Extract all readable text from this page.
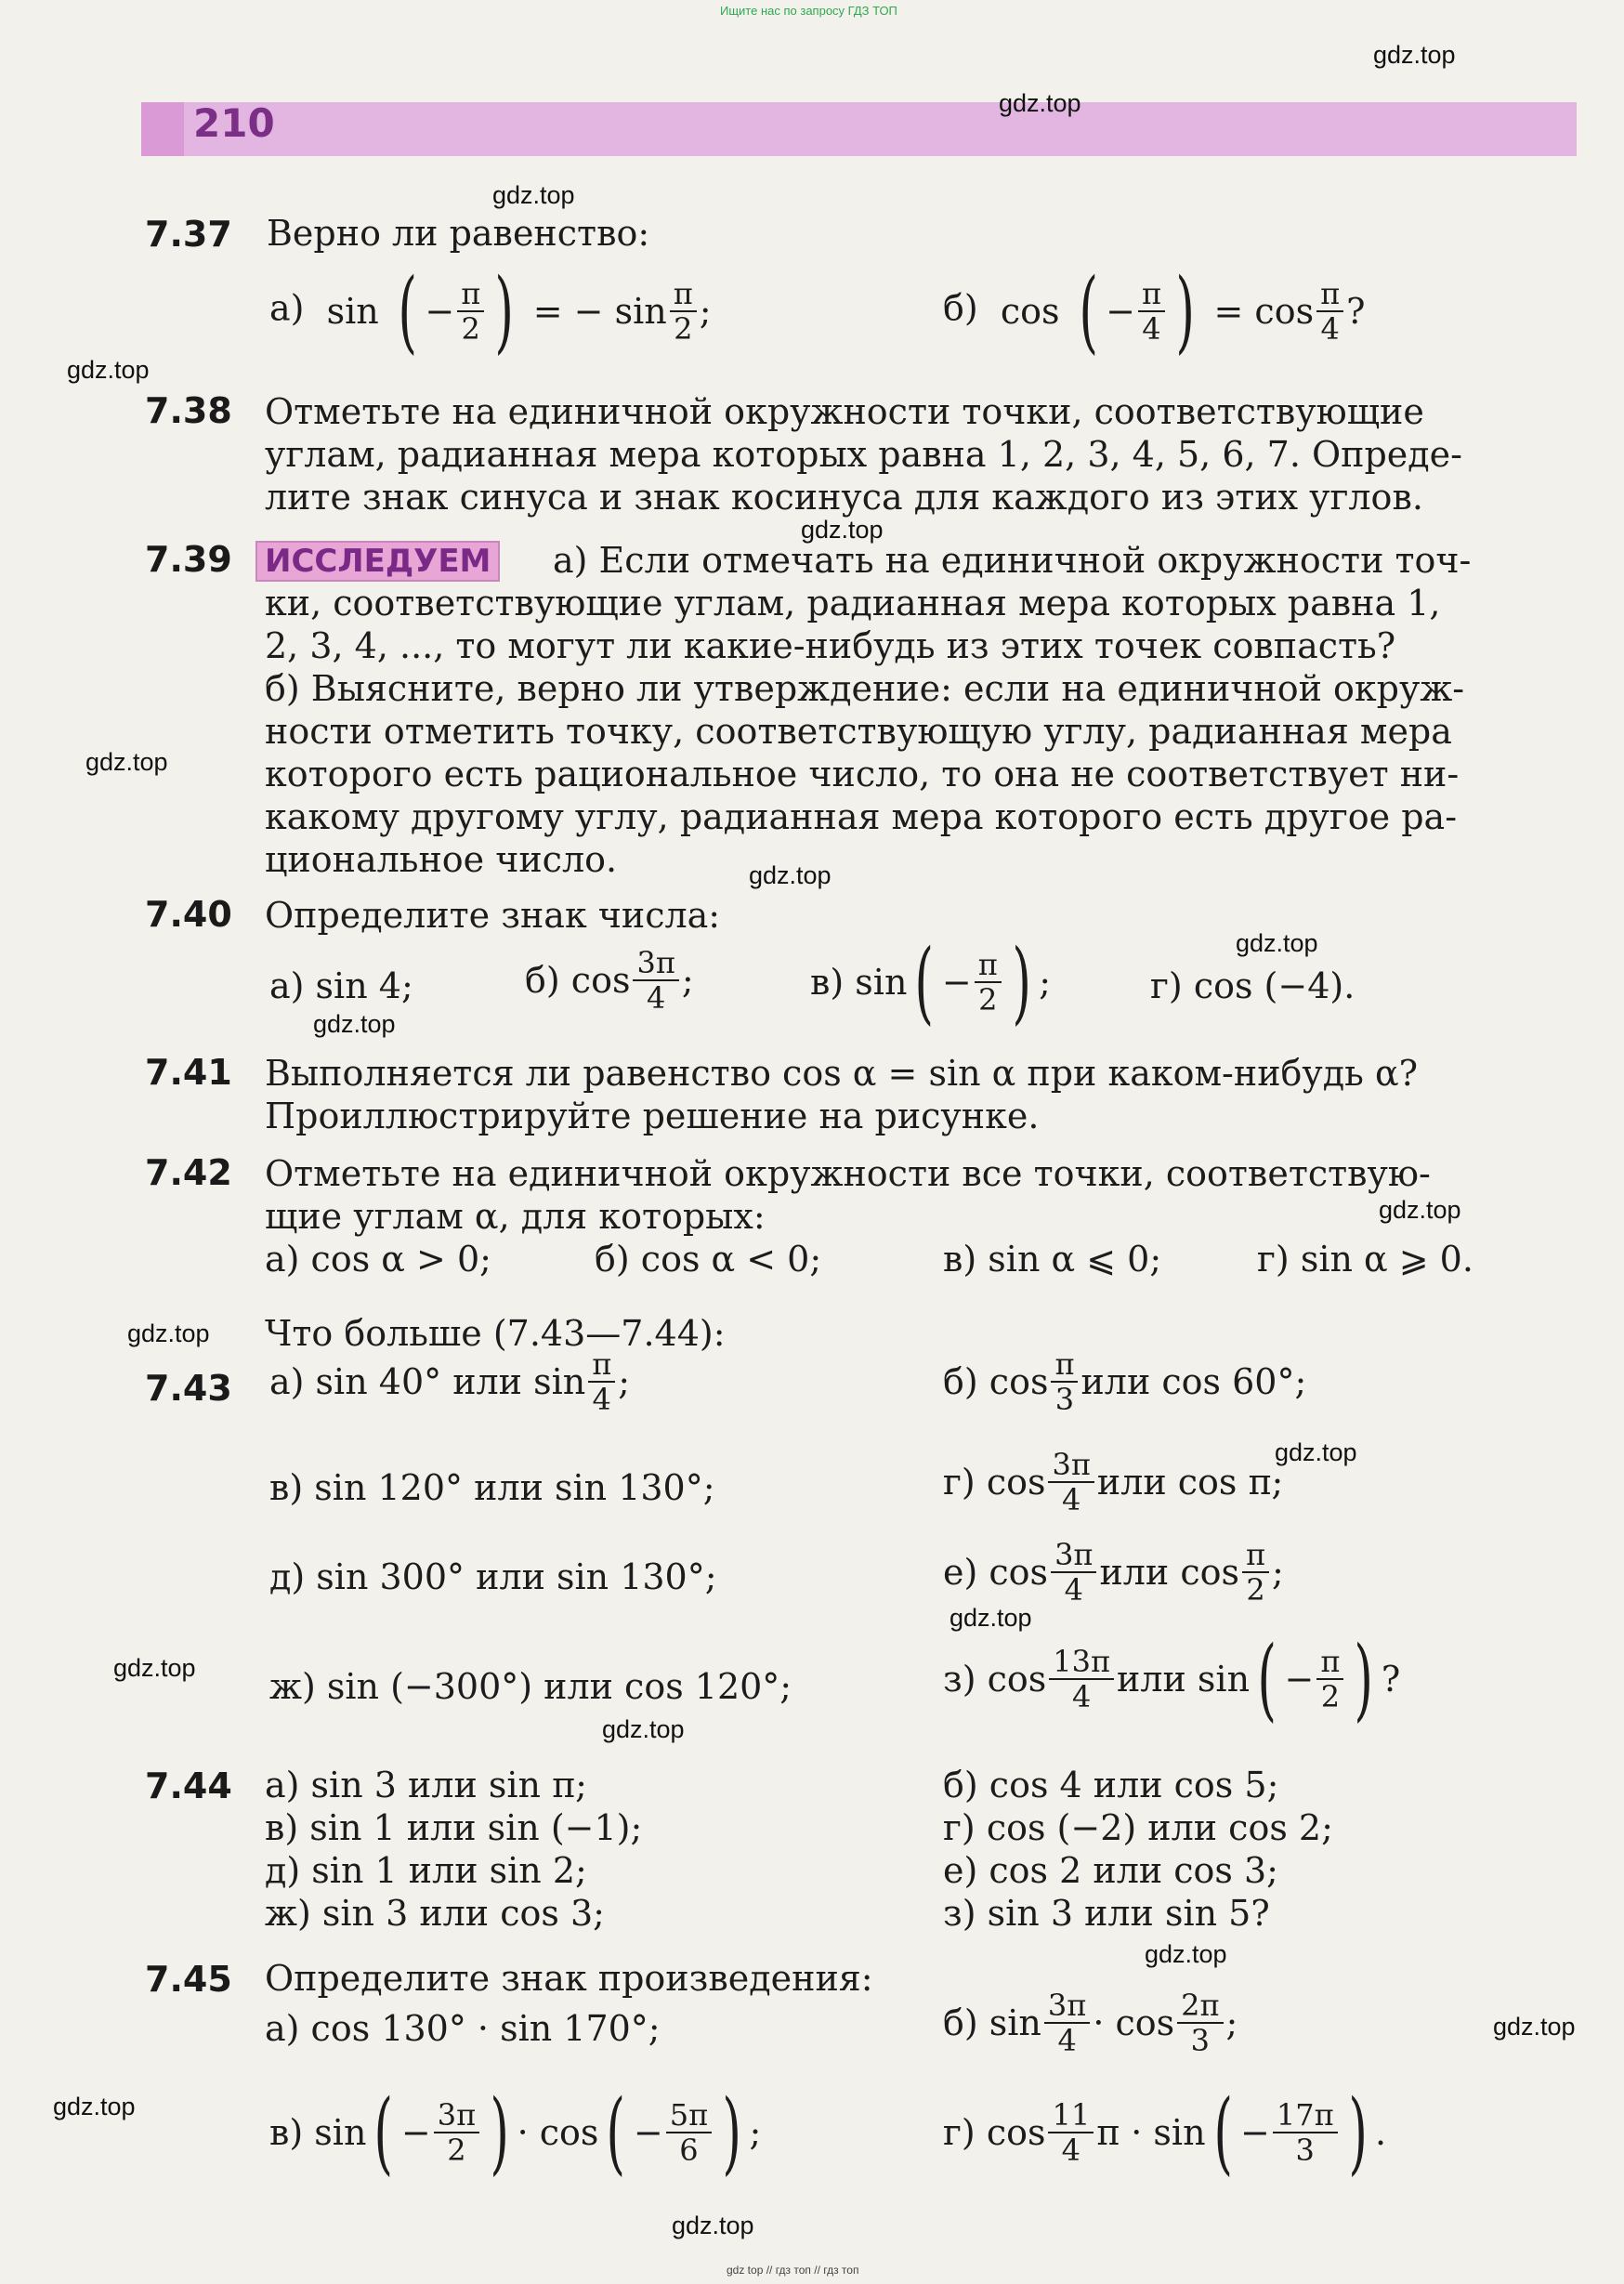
Ищите нас по запросу ГДЗ ТОП
210
gdz.top
gdz.top
gdz.top
gdz.top
gdz.top
gdz.top
gdz.top
gdz.top
gdz.top
gdz.top
gdz.top
gdz.top
gdz.top
gdz.top
gdz.top
gdz.top
gdz.top
gdz.top
gdz.top
7.37 Верно ли равенство:
а) sin ( − $\frac{\pi}{2}$ ) = − $\sin \frac{\pi}{2}$ ;	б) cos ( − $\frac{\pi}{4}$ ) = $\cos \frac{\pi}{4}$ ?
7.38 Отметьте на единичной окружности точки, соответствующие
углам, радианная мера которых равна 1, 2, 3, 4, 5, 6, 7. Опреде-
лите знак синуса и знак косинуса для каждого из этих углов.
7.39 ИССЛЕДУЕМ а) Если отмечать на единичной окружности точ-
ки, соответствующие углам, радианная мера которых равна 1,
2, 3, 4, ..., то могут ли какие-нибудь из этих точек совпасть?
б) Выясните, верно ли утверждение: если на единичной окруж-
ности отметить точку, соответствующую углу, радианная мера
которого есть рациональное число, то она не соответствует ни-
какому другому углу, радианная мера которого есть другое ра-
циональное число.
7.40 Определите знак числа:
а) sin 4;	б) $\cos \frac{3\pi}{4}$ ;	в) $\sin( - \frac{\pi}{2}$ ) ;	г) cos (−4).
7.41 Выполняется ли равенство cos α = sin α при каком-нибудь α?
Проиллюстрируйте решение на рисунке.
7.42 Отметьте на единичной окружности все точки, соответствую-
щие углам α, для которых:
а) cos α > 0;	б) cos α < 0;	в) sin α ⩽ 0;	г) sin α ⩾ 0.
Что больше (7.43—7.44):
7.43 а) sin 40° или $\sin \frac{\pi}{4}$ ;	б) $\cos \frac{\pi}{3}$ или cos 60°;
в) sin 120° или sin 130°;	г) $\cos \frac{3\pi}{4}$ или cos π;
д) sin 300° или sin 130°;	е) $\cos \frac{3\pi}{4}$ или $\cos \frac{\pi}{2}$ ;
ж) sin (−300°) или cos 120°;	з) $\cos \frac{13\pi}{4}$ или $\sin( - \frac{\pi}{2}$ ) ?
7.44 а) sin 3 или sin π;	б) cos 4 или cos 5;
в) sin 1 или sin (−1);	г) cos (−2) или cos 2;
д) sin 1 или sin 2;	е) cos 2 или cos 3;
ж) sin 3 или cos 3;	з) sin 3 или sin 5?
7.45 Определите знак произведения:
а) cos 130° · sin 170°;	б) $\sin \frac{3\pi}{4} \cdot \cos \frac{2\pi}{3}$ ;
в) $\sin( - \frac{3\pi}{2}$ ) · $\cos( - \frac{5\pi}{6}$ ) ;	г) $\cos \frac{11}{4}$ $\pi \cdot \sin( - \frac{17\pi}{3}$ ) .
gdz top // гдз топ // гдз топ
